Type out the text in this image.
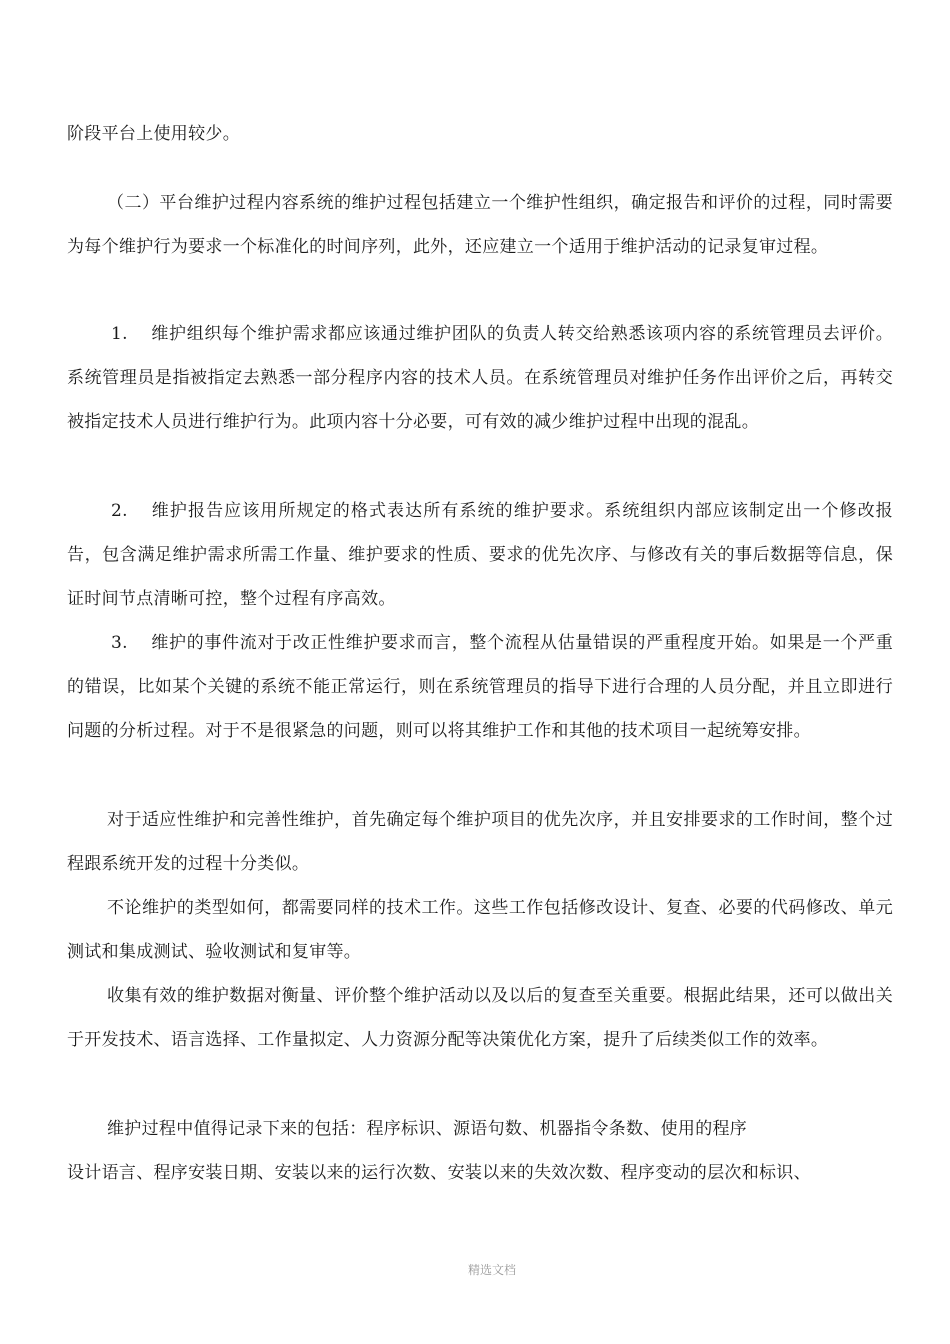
阶段平台上使用较少。
（二）平台维护过程内容系统的维护过程包括建立一个维护性组织，确定报告和评价的过程，同时需要为每个维护行为要求一个标准化的时间序列，此外，还应建立一个适用于维护活动的记录复审过程。
1. 维护组织每个维护需求都应该通过维护团队的负责人转交给熟悉该项内容的系统管理员去评价。系统管理员是指被指定去熟悉一部分程序内容的技术人员。在系统管理员对维护任务作出评价之后，再转交被指定技术人员进行维护行为。此项内容十分必要，可有效的减少维护过程中出现的混乱。
2. 维护报告应该用所规定的格式表达所有系统的维护要求。系统组织内部应该制定出一个修改报告，包含满足维护需求所需工作量、维护要求的性质、要求的优先次序、与修改有关的事后数据等信息，保证时间节点清晰可控，整个过程有序高效。
3. 维护的事件流对于改正性维护要求而言，整个流程从估量错误的严重程度开始。如果是一个严重的错误，比如某个关键的系统不能正常运行，则在系统管理员的指导下进行合理的人员分配，并且立即进行问题的分析过程。对于不是很紧急的问题，则可以将其维护工作和其他的技术项目一起统筹安排。
对于适应性维护和完善性维护，首先确定每个维护项目的优先次序，并且安排要求的工作时间，整个过程跟系统开发的过程十分类似。
不论维护的类型如何，都需要同样的技术工作。这些工作包括修改设计、复查、必要的代码修改、单元测试和集成测试、验收测试和复审等。
收集有效的维护数据对衡量、评价整个维护活动以及以后的复查至关重要。根据此结果，还可以做出关于开发技术、语言选择、工作量拟定、人力资源分配等决策优化方案，提升了后续类似工作的效率。
维护过程中值得记录下来的包括：程序标识、源语句数、机器指令条数、使用的程序
设计语言、程序安装日期、安装以来的运行次数、安装以来的失效次数、程序变动的层次和标识、
精选文档
